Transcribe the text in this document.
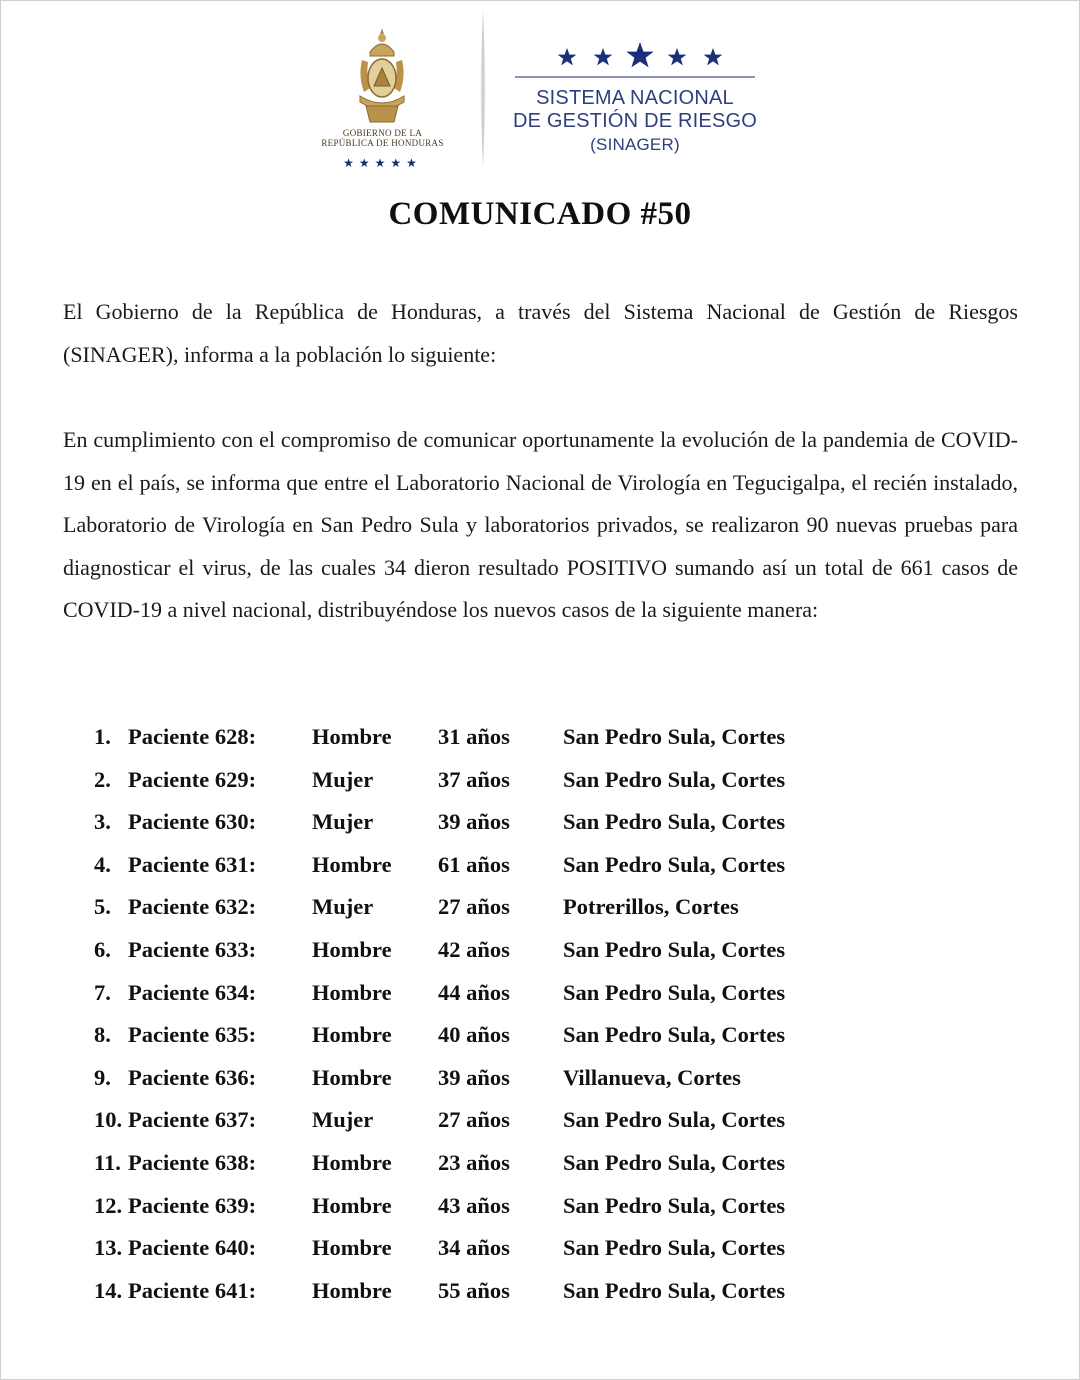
GOBIERNO DE LA
REPÚBLICA DE HONDURAS
★★★★★
SISTEMA NACIONAL
DE GESTIÓN DE RIESGO
(SINAGER)
COMUNICADO #50

El Gobierno de la República de Honduras, a través del Sistema Nacional de Gestión de Riesgos (SINAGER), informa a la población lo siguiente:

En cumplimiento con el compromiso de comunicar oportunamente la evolución de la pandemia de COVID-19 en el país, se informa que entre el Laboratorio Nacional de Virología en Tegucigalpa, el recién instalado, Laboratorio de Virología en San Pedro Sula y laboratorios privados, se realizaron 90 nuevas pruebas para diagnosticar el virus, de las cuales 34 dieron resultado POSITIVO sumando así un total de 661 casos de COVID-19 a nivel nacional, distribuyéndose los nuevos casos de la siguiente manera:

1. Paciente 628: Hombre 31 años San Pedro Sula, Cortes
2. Paciente 629: Mujer	37 años San Pedro Sula, Cortes
3. Paciente 630: Mujer	39 años San Pedro Sula, Cortes
4. Paciente 631: Hombre 61 años San Pedro Sula, Cortes
5. Paciente 632: Mujer	27 años Potrerillos, Cortes
6. Paciente 633: Hombre 42 años San Pedro Sula, Cortes
7. Paciente 634: Hombre 44 años San Pedro Sula, Cortes
8. Paciente 635: Hombre 40 años San Pedro Sula, Cortes
9. Paciente 636: Hombre 39 años Villanueva, Cortes
10. Paciente 637: Mujer	27 años San Pedro Sula, Cortes
11. Paciente 638: Hombre 23 años San Pedro Sula, Cortes
12. Paciente 639: Hombre 43 años San Pedro Sula, Cortes
13. Paciente 640: Hombre 34 años San Pedro Sula, Cortes
14. Paciente 641: Hombre 55 años San Pedro Sula, Cortes
